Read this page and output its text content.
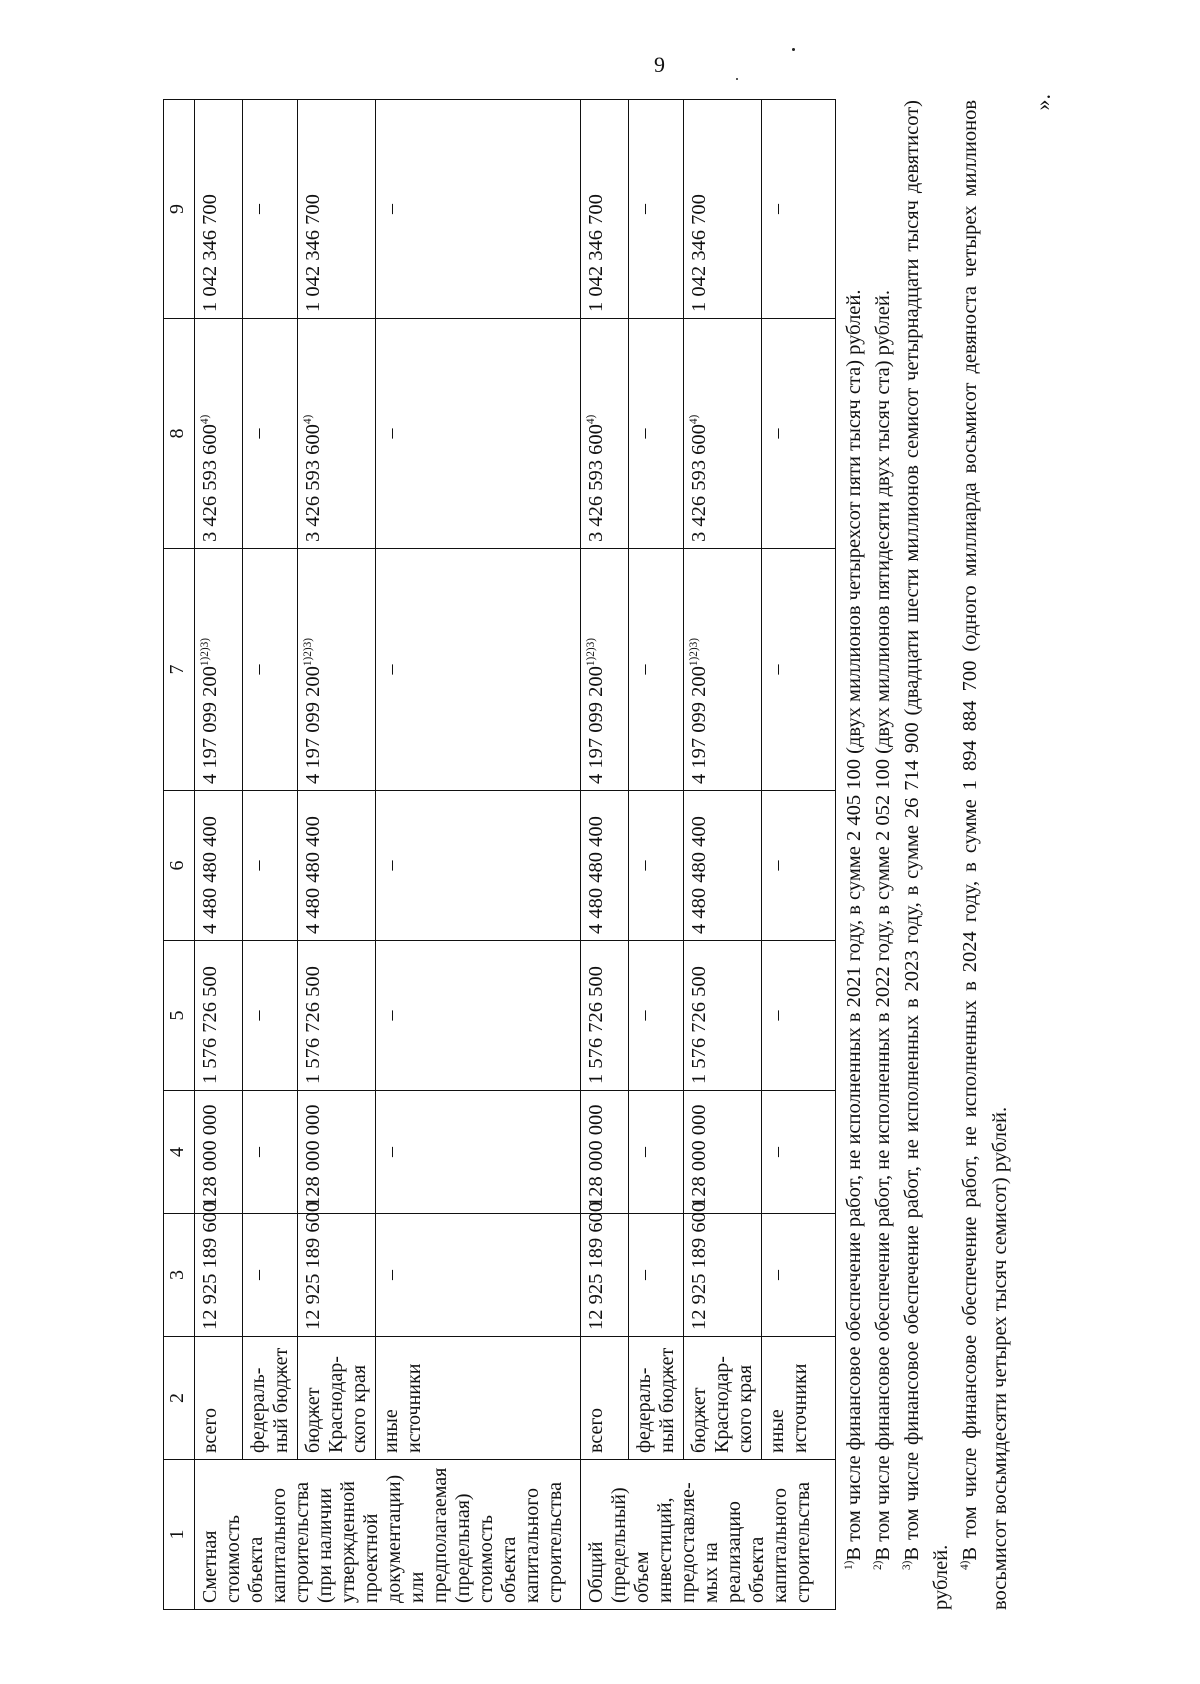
9
1	2	3	4	5	6	7	8	9
Сметная стоимость объекта капитального строительства (при наличии утвержденной проектной документации) или предполагаемая (предельная) стоимость объекта капитального строительства	всего	12 925 189 600	128 000 000	1 576 726 500	4 480 480 400	4 197 099 $200^{1)2)3)}$	3 426 593 600$^{4)}$	1 042 346 700
	федераль-ный бюджет	–	–	–	–	–	–	–
	бюджет Краснодар-ского края	12 925 189 600	128 000 000	1 576 726 500	4 480 480 400	4 197 099 $200^{1)2)3)}$	3 426 593 600$^{4)}$	1 042 346 700
	иные источники	–	–	–	–	–	–	–
Общий (предельный) объем инвестиций, предоставляе-мых на реализацию объекта капитального строительства	всего	12 925 189 600	128 000 000	1 576 726 500	4 480 480 400	4 197 099 $200^{1)2)3)}$	3 426 593 600$^{4)}$	1 042 346 700
	федераль-ный бюджет	–	–	–	–	–	–	–
	бюджет Краснодар-ского края	12 925 189 600	128 000 000	1 576 726 500	4 480 480 400	4 197 099 $200^{1)2)3)}$	3 426 593 600$^{4)}$	1 042 346 700
	иные источники	–	–	–	–	–	–	–

$^{1)}$В том числе финансовое обеспечение работ, не исполненных в 2021 году, в сумме 2 405 100 (двух миллионов четырехсот пяти тысяч ста) рублей.

$^{2)}$В том числе финансовое обеспечение работ, не исполненных в 2022 году, в сумме 2 052 100 (двух миллионов пятидесяти двух тысяч ста) рублей.

$^{3)}$В том числе финансовое обеспечение работ, не исполненных в 2023 году, в сумме 26 714 900 (двадцати шести миллионов семисот четырнадцати тысяч девятисот) рублей. $^{4)}$В том числе финансовое обеспечение работ, не исполненных в 2024 году, в сумме 1 894 884 700 (одного миллиарда восьмисот девяноста четырех миллионов восьмисот восьмидесяти четырех тысяч семисот) рублей.

».
